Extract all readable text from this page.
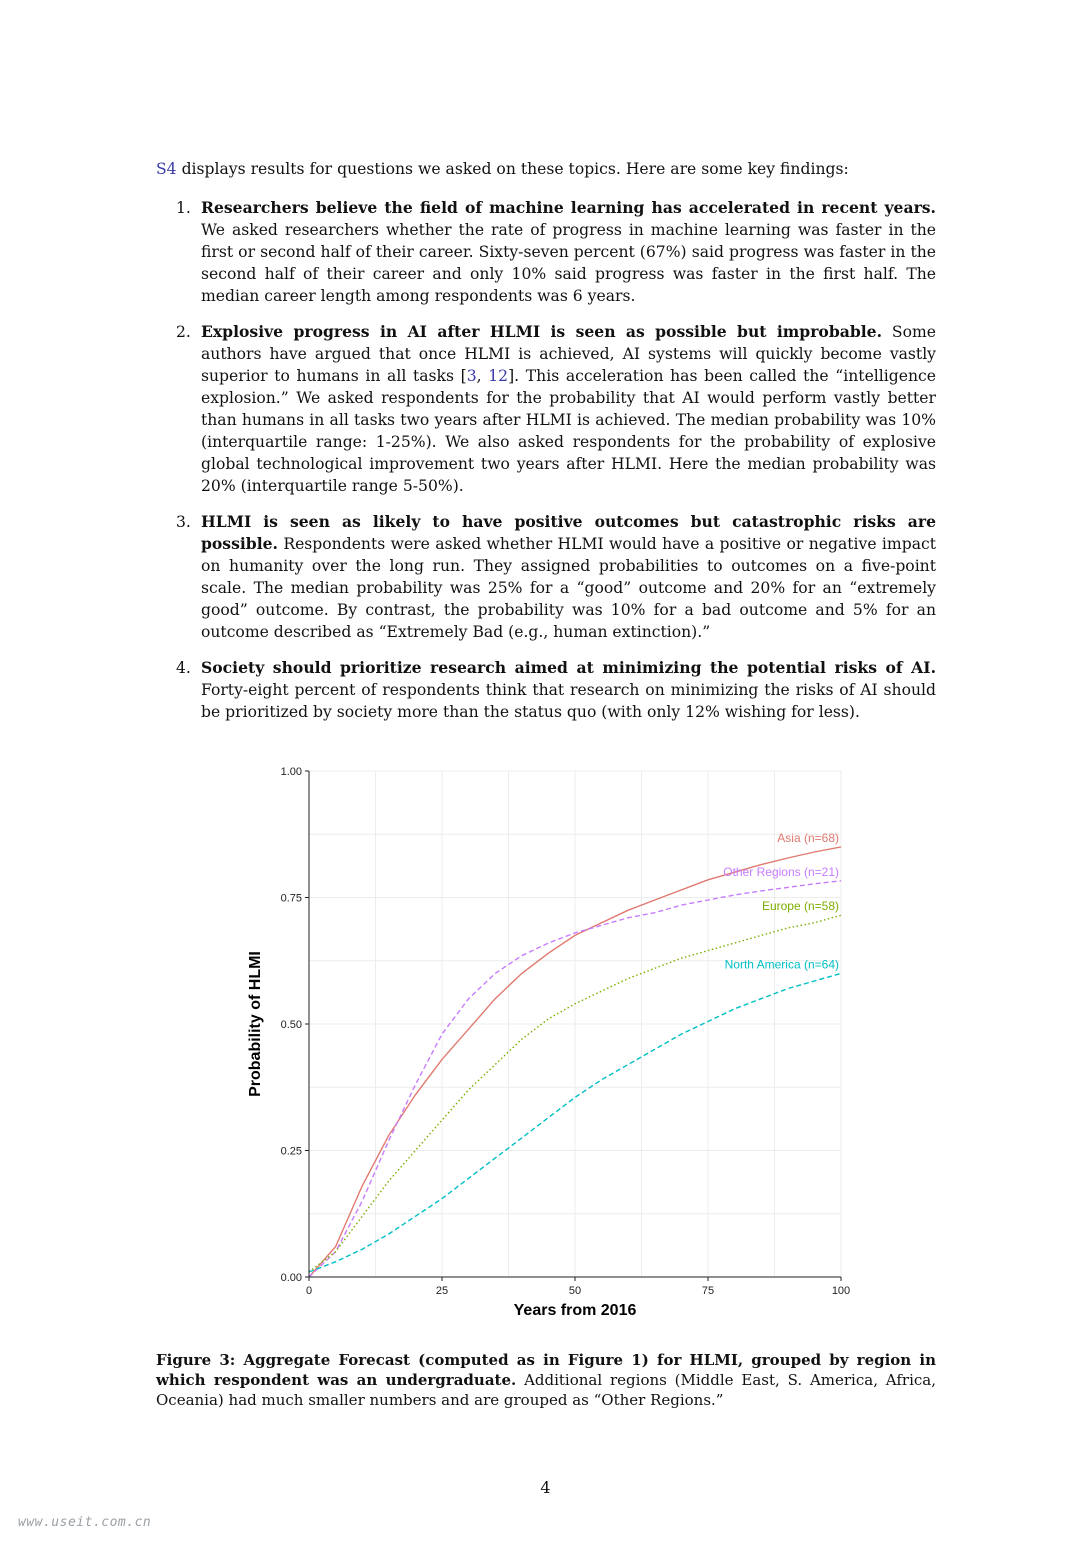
S4 displays results for questions we asked on these topics. Here are some key findings:
1. Researchers believe the field of machine learning has accelerated in recent years. We asked researchers whether the rate of progress in machine learning was faster in the first or second half of their career. Sixty-seven percent (67%) said progress was faster in the second half of their career and only 10% said progress was faster in the first half. The median career length among respondents was 6 years.
2. Explosive progress in AI after HLMI is seen as possible but improbable. Some authors have argued that once HLMI is achieved, AI systems will quickly become vastly superior to humans in all tasks [3, 12]. This acceleration has been called the “intelligence explosion.” We asked respondents for the probability that AI would perform vastly better than humans in all tasks two years after HLMI is achieved. The median probability was 10% (interquartile range: 1-25%). We also asked respondents for the probability of explosive global technological improvement two years after HLMI. Here the median probability was 20% (interquartile range 5-50%).
3. HLMI is seen as likely to have positive outcomes but catastrophic risks are possible. Respondents were asked whether HLMI would have a positive or negative impact on humanity over the long run. They assigned probabilities to outcomes on a five-point scale. The median probability was 25% for a “good” outcome and 20% for an “extremely good” outcome. By contrast, the probability was 10% for a bad outcome and 5% for an outcome described as “Extremely Bad (e.g., human extinction).”
4. Society should prioritize research aimed at minimizing the potential risks of AI. Forty-eight percent of respondents think that research on minimizing the risks of AI should be prioritized by society more than the status quo (with only 12% wishing for less).
0.00
0.25
0.50
0.75
1.00
0	25	50	75	100
Asia (n=68)
Other Regions (n=21)
Europe (n=58)
North America (n=64)
Years from 2016
Probability of HLMI
Figure 3: Aggregate Forecast (computed as in Figure 1) for HLMI, grouped by region in which respondent was an undergraduate. Additional regions (Middle East, S. America, Africa, Oceania) had much smaller numbers and are grouped as “Other Regions.”
4
www.useit.com.cn
